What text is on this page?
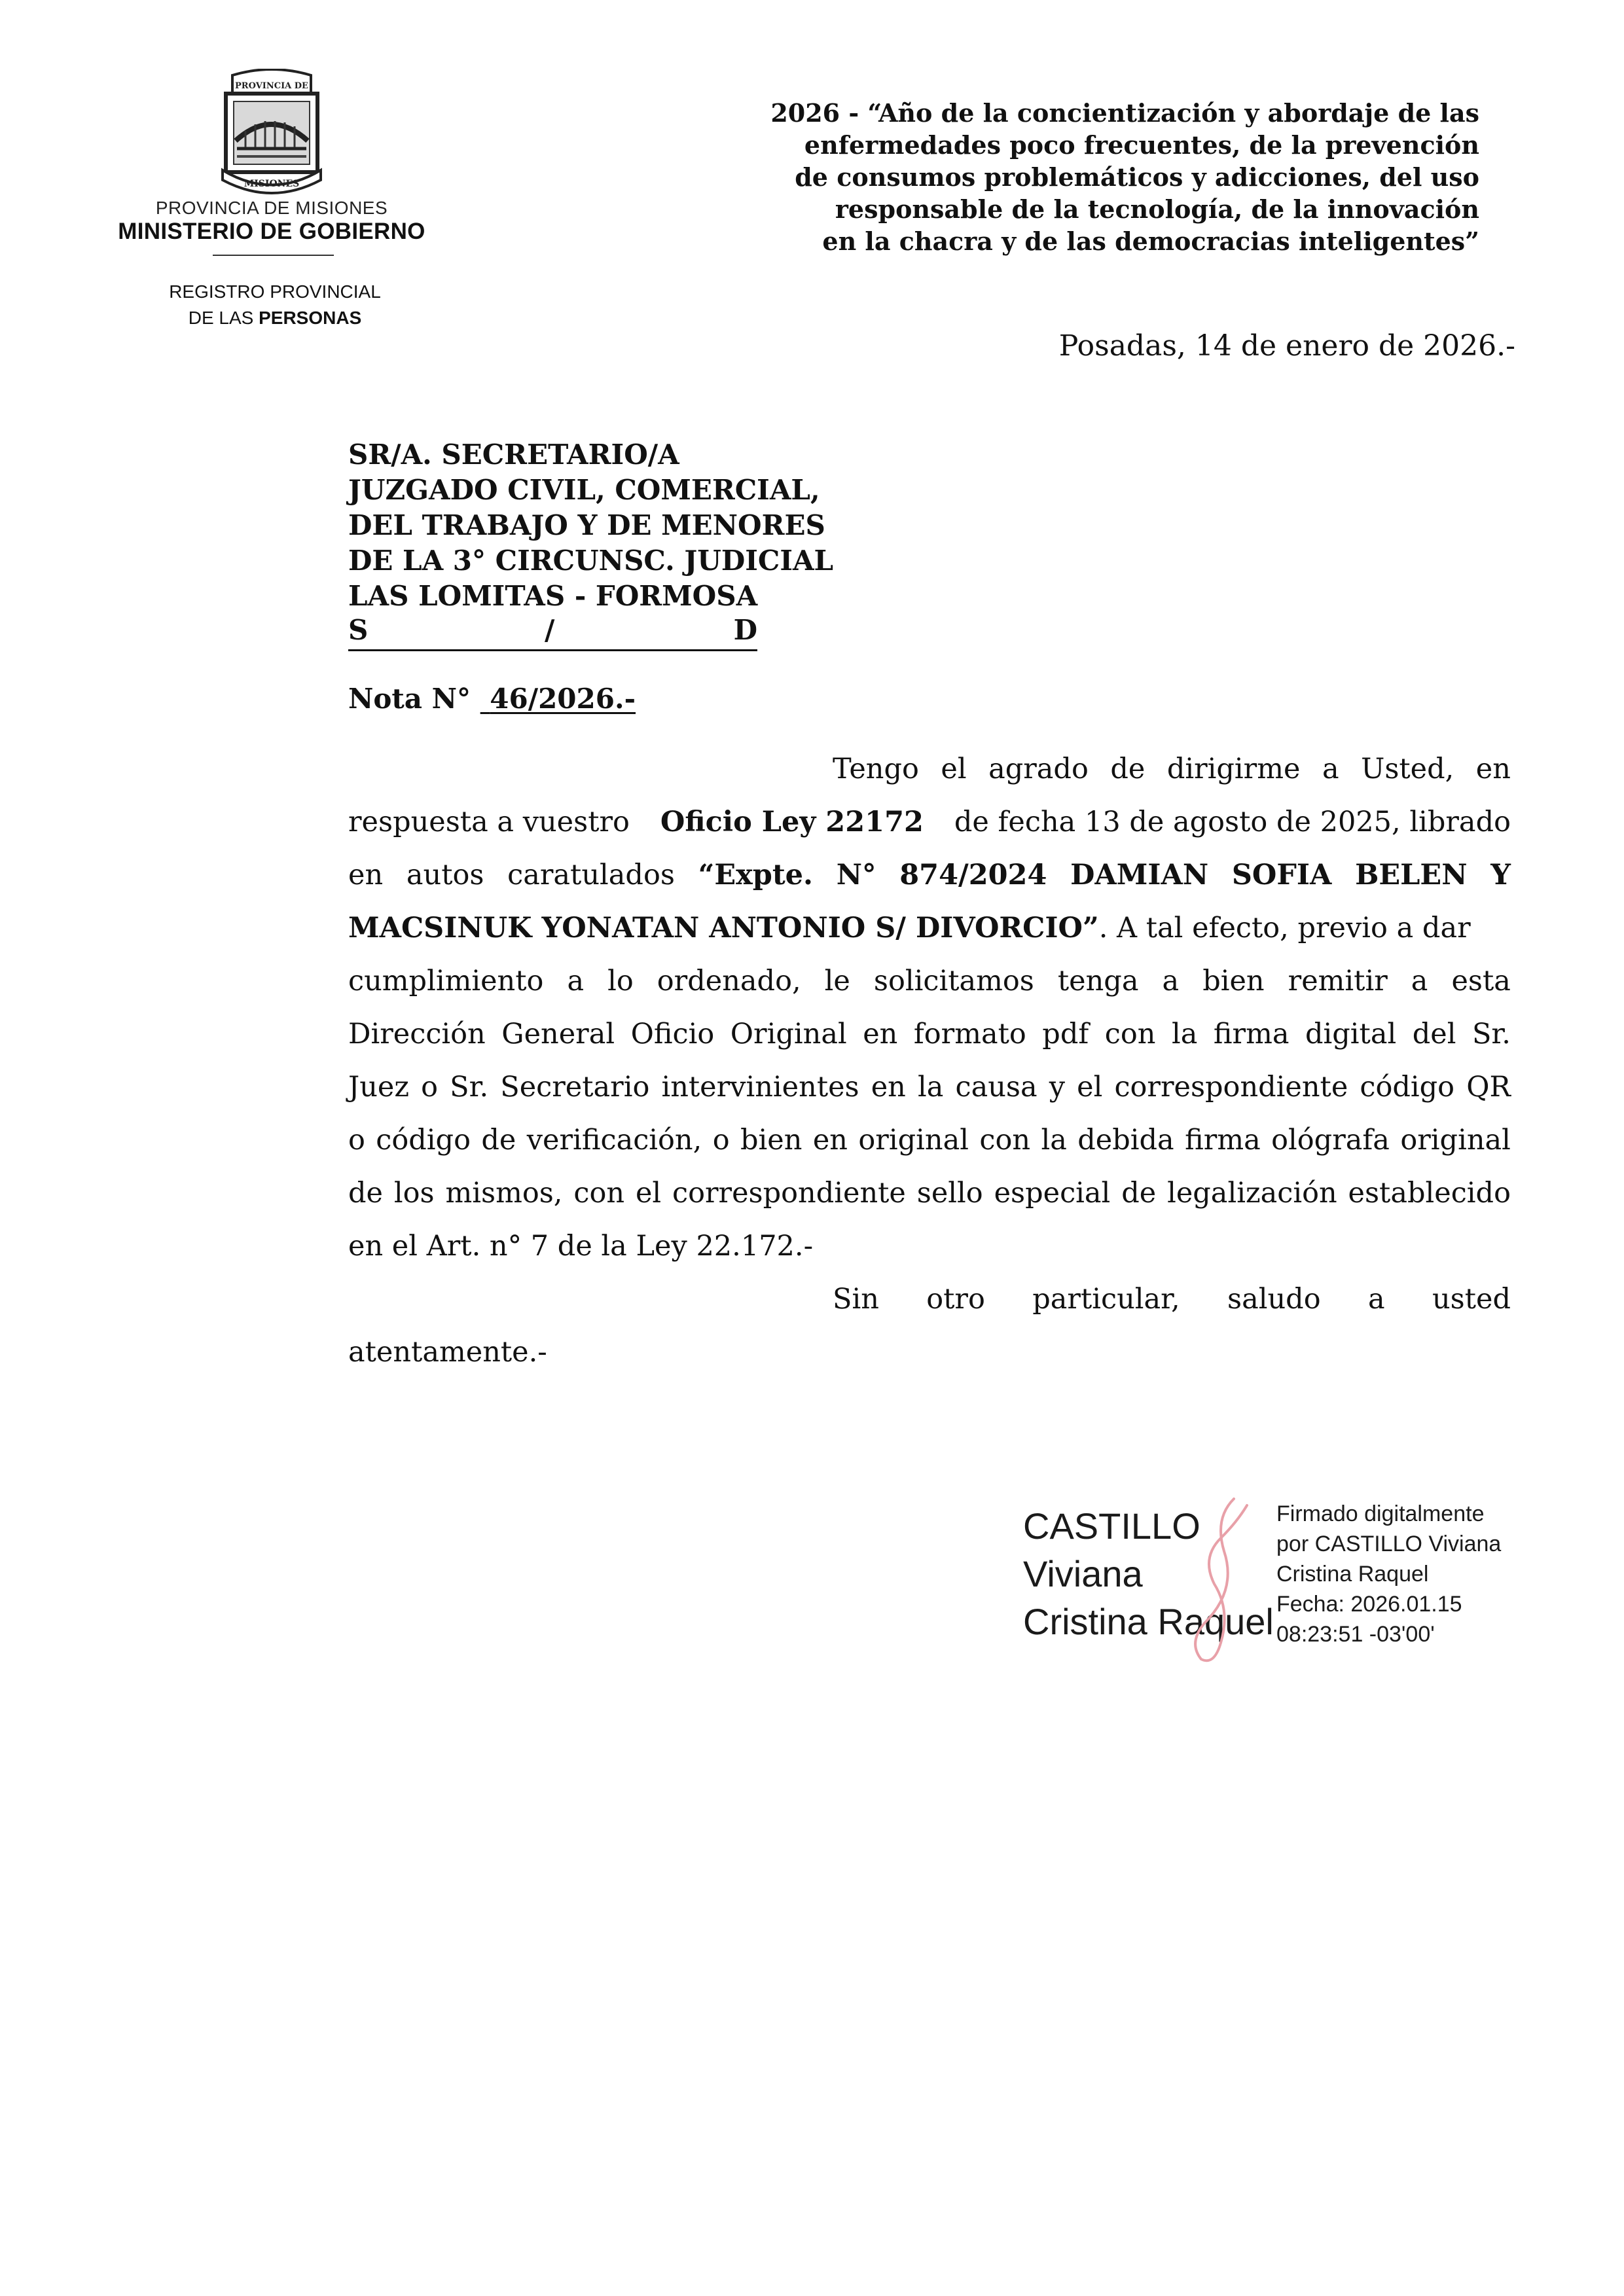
PROVINCIA DE
MISIONES
PROVINCIA DE MISIONES
MINISTERIO DE GOBIERNO
REGISTRO PROVINCIAL
DE LAS PERSONAS
2026 - “Año de la concientización y abordaje de las
enfermedades poco frecuentes, de la prevención
de consumos problemáticos y adicciones, del uso
responsable de la tecnología, de la innovación
en la chacra y de las democracias inteligentes”
Posadas, 14 de enero de 2026.-
SR/A. SECRETARIO/A
JUZGADO CIVIL, COMERCIAL,
DEL TRABAJO Y DE MENORES
DE LA 3° CIRCUNSC. JUDICIAL
LAS LOMITAS - FORMOSA
S	/	D
Nota N° 46/2026.-
Tengo el agrado de dirigirme a Usted, en
respuesta a vuestro Oficio Ley 22172 de fecha 13 de agosto de 2025, librado
en autos caratulados “Expte. N° 874/2024 DAMIAN SOFIA BELEN Y
MACSINUK YONATAN ANTONIO S/ DIVORCIO” . A tal efecto, previo a dar
cumplimiento a lo ordenado, le solicitamos tenga a bien remitir a esta
Dirección General Oficio Original en formato pdf con la firma digital del Sr.
Juez o Sr. Secretario intervinientes en la causa y el correspondiente código QR
o código de verificación, o bien en original con la debida firma ológrafa original
de los mismos, con el correspondiente sello especial de legalización establecido
en el Art. n° 7 de la Ley 22.172.-
Sin otro particular, saludo a usted
atentamente.-
CASTILLO
Viviana
Cristina Raquel
Firmado digitalmente
por CASTILLO Viviana
Cristina Raquel
Fecha: 2026.01.15
08:23:51 -03'00'
